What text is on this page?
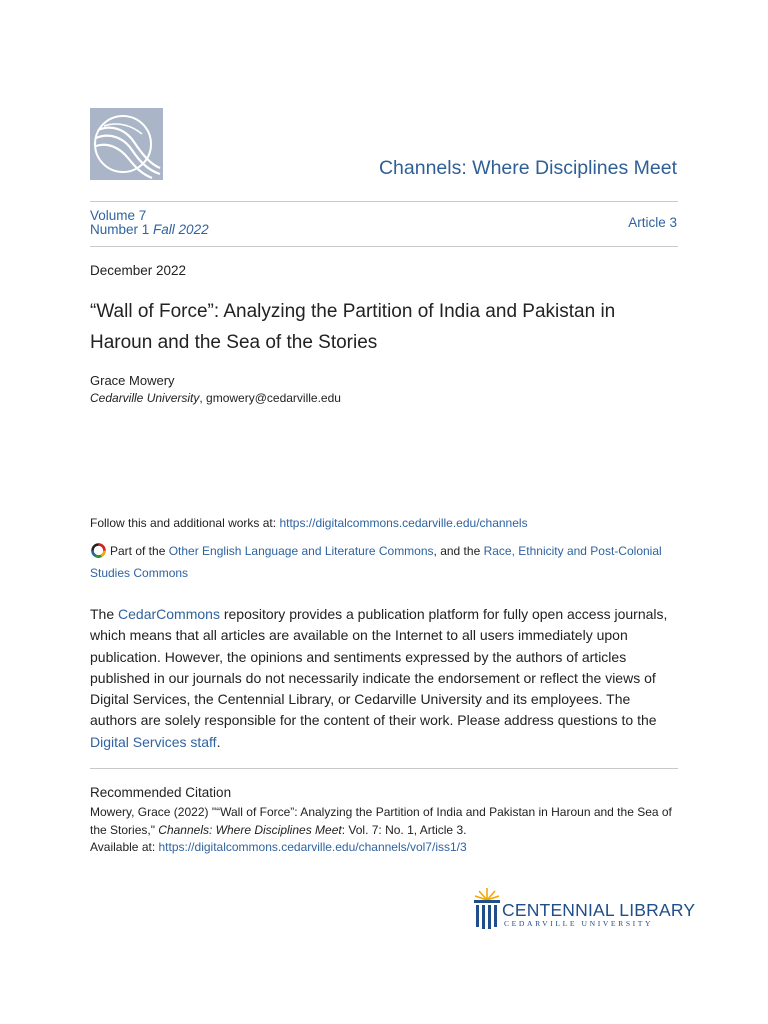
Channels: Where Disciplines Meet
Volume 7
Number 1 Fall 2022	Article 3
December 2022
“Wall of Force”: Analyzing the Partition of India and Pakistan in Haroun and the Sea of the Stories
Grace Mowery
Cedarville University, gmowery@cedarville.edu
Follow this and additional works at: https://digitalcommons.cedarville.edu/channels
Part of the Other English Language and Literature Commons, and the Race, Ethnicity and Post-Colonial Studies Commons
The CedarCommons repository provides a publication platform for fully open access journals, which means that all articles are available on the Internet to all users immediately upon publication. However, the opinions and sentiments expressed by the authors of articles published in our journals do not necessarily indicate the endorsement or reflect the views of Digital Services, the Centennial Library, or Cedarville University and its employees. The authors are solely responsible for the content of their work. Please address questions to the Digital Services staff.
Recommended Citation
Mowery, Grace (2022) "“Wall of Force”: Analyzing the Partition of India and Pakistan in Haroun and the Sea of the Stories," Channels: Where Disciplines Meet: Vol. 7: No. 1, Article 3.
Available at: https://digitalcommons.cedarville.edu/channels/vol7/iss1/3
CENTENNIAL LIBRARY
CEDARVILLE UNIVERSITY
